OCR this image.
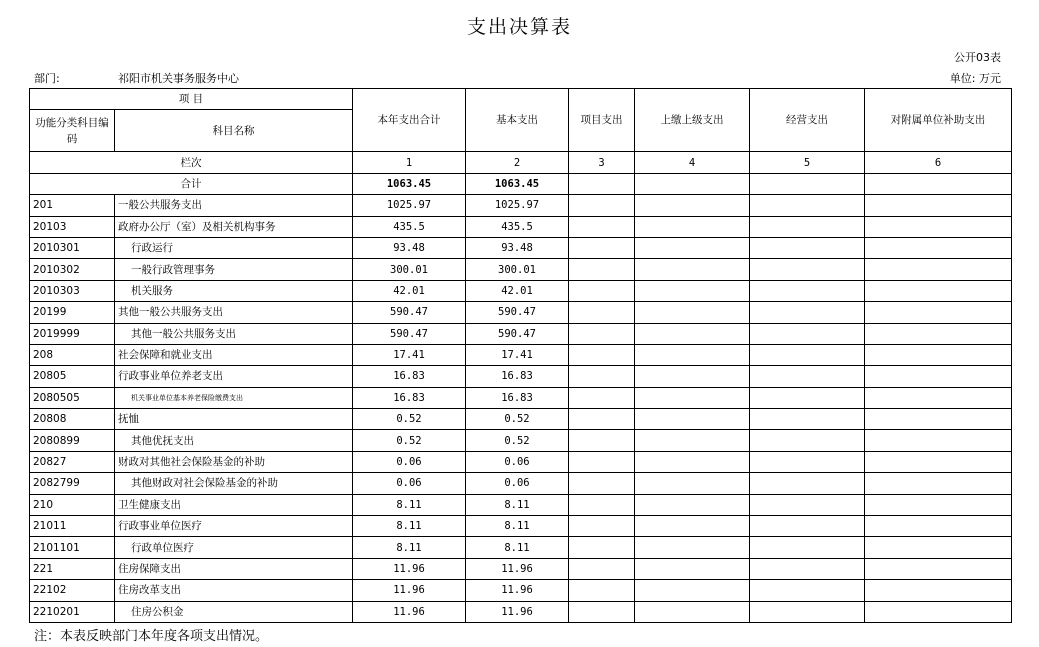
支出决算表
公开03表
部门:	祁阳市机关事务服务中心	单位: 万元
项 目		本年支出合计	基本支出	项目支出	上缴上级支出	经营支出	对附属单位补助支出
功能分类科目编码	科目名称						
栏次		1	2	3	4	5	6
合计		1063.45	1063.45				
201	一般公共服务支出	1025.97	1025.97				
20103	政府办公厅（室）及相关机构事务	435.5	435.5				
2010301	行政运行	93.48	93.48				
2010302	一般行政管理事务	300.01	300.01				
2010303	机关服务	42.01	42.01				
20199	其他一般公共服务支出	590.47	590.47				
2019999	其他一般公共服务支出	590.47	590.47				
208	社会保障和就业支出	17.41	17.41				
20805	行政事业单位养老支出	16.83	16.83				
2080505	机关事业单位基本养老保险缴费支出	16.83	16.83				
20808	抚恤	0.52	0.52				
2080899	其他优抚支出	0.52	0.52				
20827	财政对其他社会保险基金的补助	0.06	0.06				
2082799	其他财政对社会保险基金的补助	0.06	0.06				
210	卫生健康支出	8.11	8.11				
21011	行政事业单位医疗	8.11	8.11				
2101101	行政单位医疗	8.11	8.11				
221	住房保障支出	11.96	11.96				
22102	住房改革支出	11.96	11.96				
2210201	住房公积金	11.96	11.96				
注：本表反映部门本年度各项支出情况。
